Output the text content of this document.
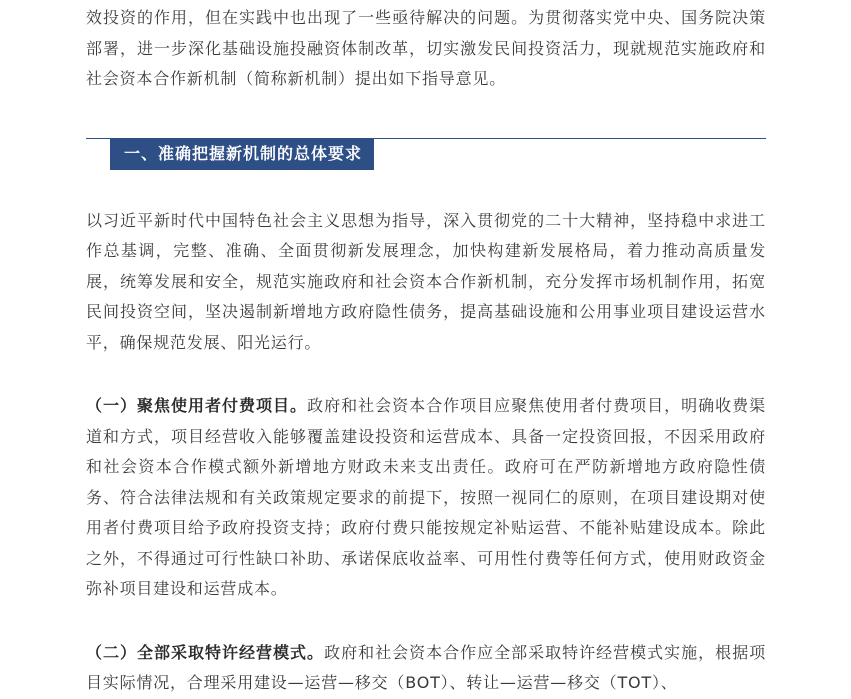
效投资的作用，但在实践中也出现了一些亟待解决的问题。为贯彻落实党中央、国务院决策部署，进一步深化基础设施投融资体制改革，切实激发民间投资活力，现就规范实施政府和社会资本合作新机制（简称新机制）提出如下指导意见。

一、准确把握新机制的总体要求

以习近平新时代中国特色社会主义思想为指导，深入贯彻党的二十大精神，坚持稳中求进工作总基调，完整、准确、全面贯彻新发展理念，加快构建新发展格局，着力推动高质量发展，统筹发展和安全，规范实施政府和社会资本合作新机制，充分发挥市场机制作用，拓宽民间投资空间，坚决遏制新增地方政府隐性债务，提高基础设施和公用事业项目建设运营水平，确保规范发展、阳光运行。

（一）聚焦使用者付费项目。政府和社会资本合作项目应聚焦使用者付费项目，明确收费渠道和方式，项目经营收入能够覆盖建设投资和运营成本、具备一定投资回报，不因采用政府和社会资本合作模式额外新增地方财政未来支出责任。政府可在严防新增地方政府隐性债务、符合法律法规和有关政策规定要求的前提下，按照一视同仁的原则，在项目建设期对使用者付费项目给予政府投资支持；政府付费只能按规定补贴运营、不能补贴建设成本。除此之外，不得通过可行性缺口补助、承诺保底收益率、可用性付费等任何方式，使用财政资金弥补项目建设和运营成本。

（二）全部采取特许经营模式。政府和社会资本合作应全部采取特许经营模式实施，根据项目实际情况，合理采用建设—运营—移交（BOT）、转让—运营—移交（TOT）、
